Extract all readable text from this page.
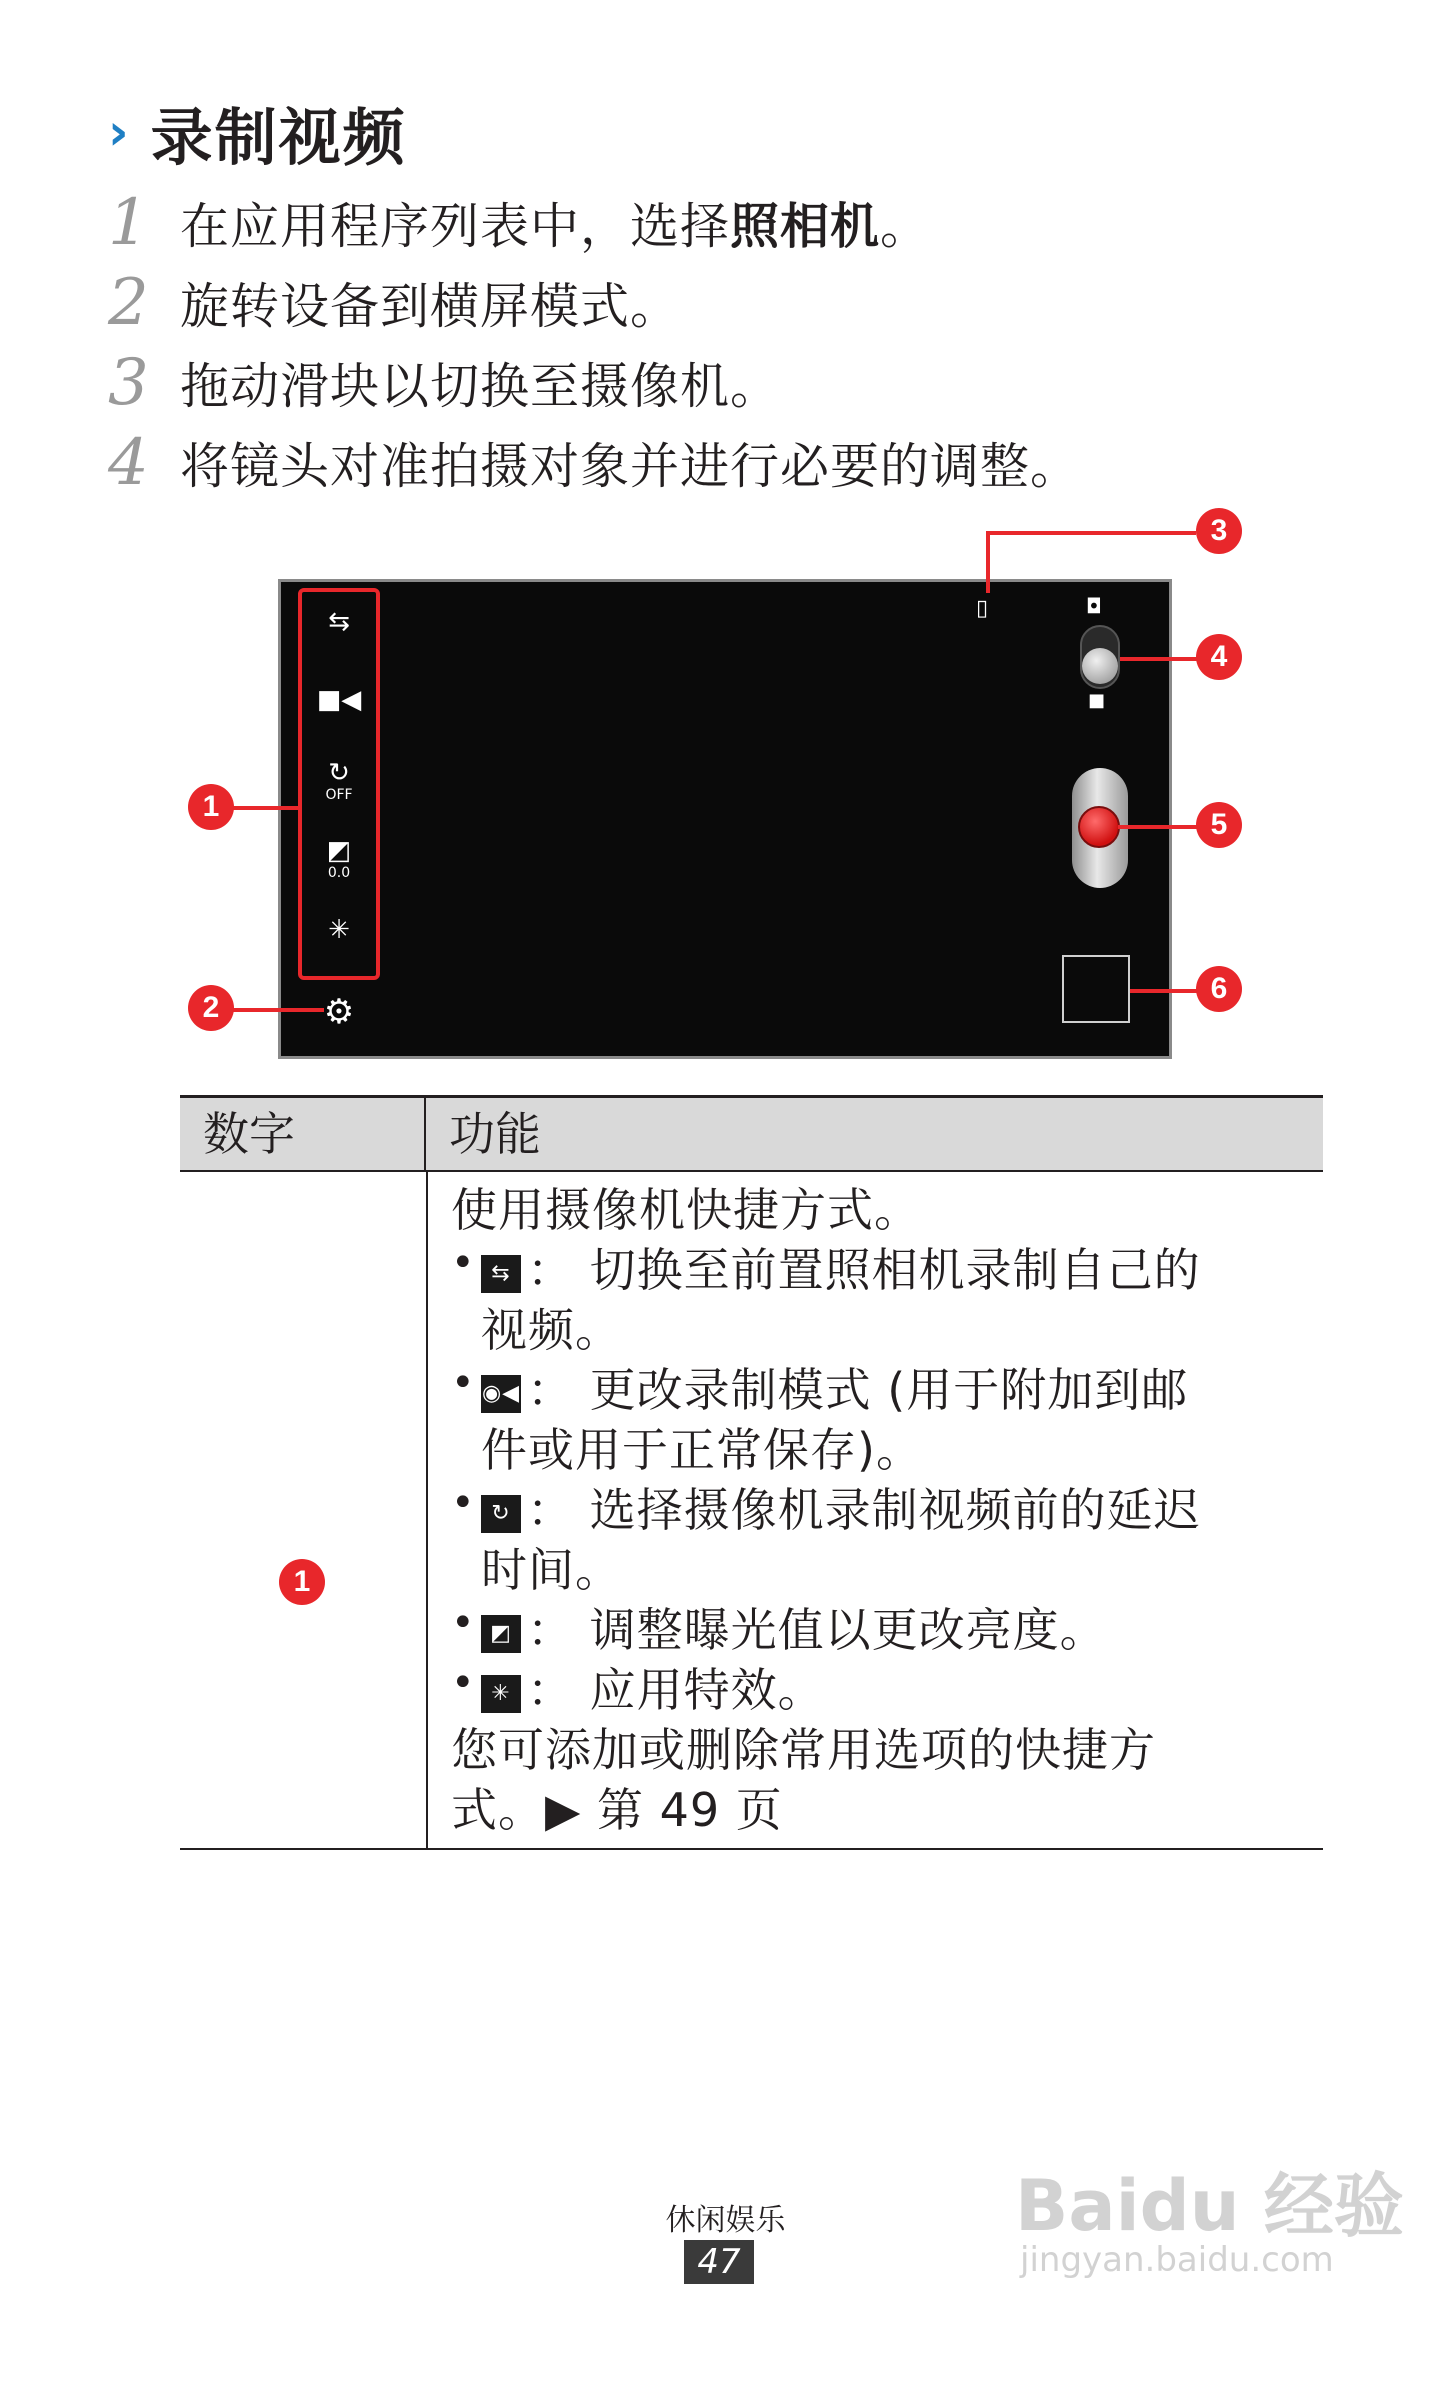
› 录制视频
1 在应用程序列表中，选择照相机。
2 旋转设备到横屏模式。
3 拖动滑块以切换至摄像机。
4 将镜头对准拍摄对象并进行必要的调整。
⇆
■◀
↻
OFF
◩
0.0
✳
⚙
▯	◘
■
1
2
3
4
5
6
数字	功能
1
使用摄像机快捷方式。
• ⇆ ： 切换至前置照相机录制自己的
视频。
• ◉◀ ： 更改录制模式 (用于附加到邮
件或用于正常保存)。
• ↻ ： 选择摄像机录制视频前的延迟
时间。
• ◩ ： 调整曝光值以更改亮度。
• ✳ ： 应用特效。
您可添加或删除常用选项的快捷方
式。▶ 第 49 页
休闲娱乐
47
Baidu 经验
jingyan.baidu.com
